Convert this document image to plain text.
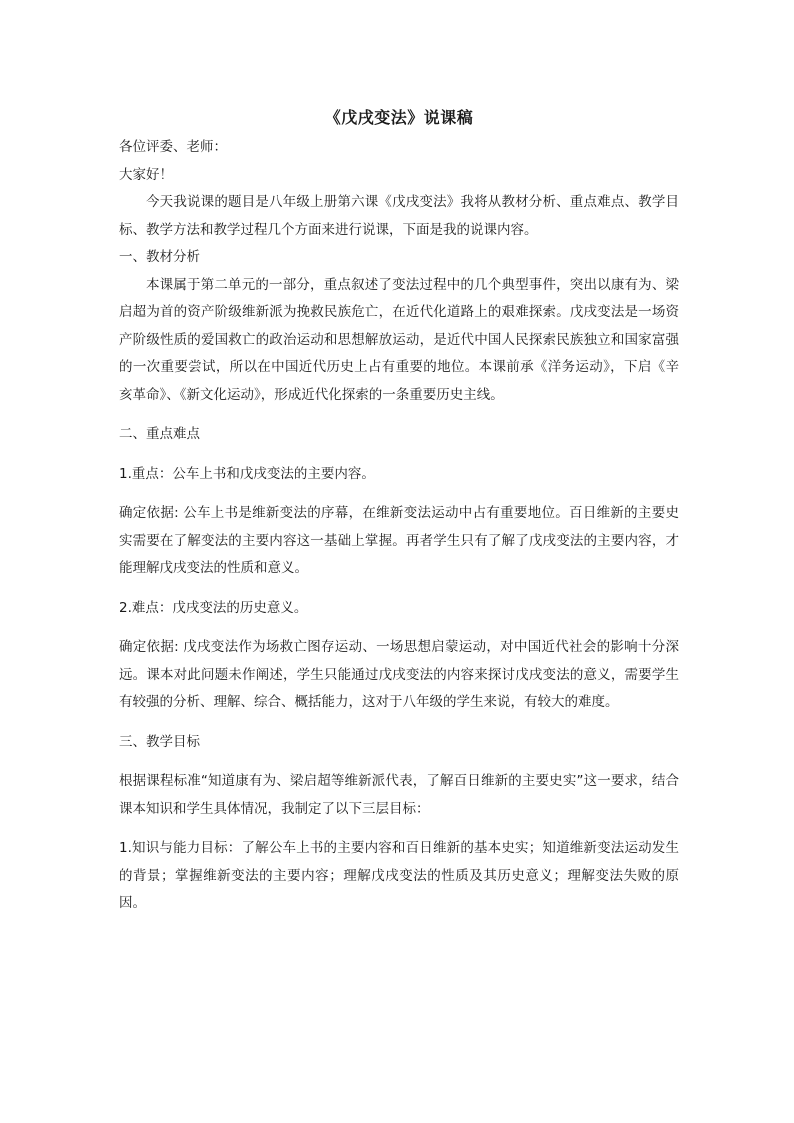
《戊戌变法》说课稿

各位评委、老师：

大家好！

今天我说课的题目是八年级上册第六课《戊戌变法》我将从教材分析、重点难点、教学目标、教学方法和教学过程几个方面来进行说课，下面是我的说课内容。

一、教材分析

本课属于第二单元的一部分，重点叙述了变法过程中的几个典型事件，突出以康有为、梁启超为首的资产阶级维新派为挽救民族危亡，在近代化道路上的艰难探索。戊戌变法是一场资产阶级性质的爱国救亡的政治运动和思想解放运动，是近代中国人民探索民族独立和国家富强的一次重要尝试，所以在中国近代历史上占有重要的地位。本课前承《洋务运动》，下启《辛亥革命》、《新文化运动》，形成近代化探索的一条重要历史主线。

二、重点难点

1.重点：公车上书和戊戌变法的主要内容。

确定依据: 公车上书是维新变法的序幕，在维新变法运动中占有重要地位。百日维新的主要史实需要在了解变法的主要内容这一基础上掌握。再者学生只有了解了戊戌变法的主要内容，才能理解戊戌变法的性质和意义。

2.难点：戊戌变法的历史意义。

确定依据: 戊戌变法作为场救亡图存运动、一场思想启蒙运动，对中国近代社会的影响十分深远。课本对此问题未作阐述，学生只能通过戊戌变法的内容来探讨戊戌变法的意义，需要学生有较强的分析、理解、综合、概括能力，这对于八年级的学生来说，有较大的难度。

三、教学目标

根据课程标准“知道康有为、梁启超等维新派代表，了解百日维新的主要史实”这一要求，结合课本知识和学生具体情况，我制定了以下三层目标：

1.知识与能力目标：了解公车上书的主要内容和百日维新的基本史实；知道维新变法运动发生的背景；掌握维新变法的主要内容；理解戊戌变法的性质及其历史意义；理解变法失败的原因。
